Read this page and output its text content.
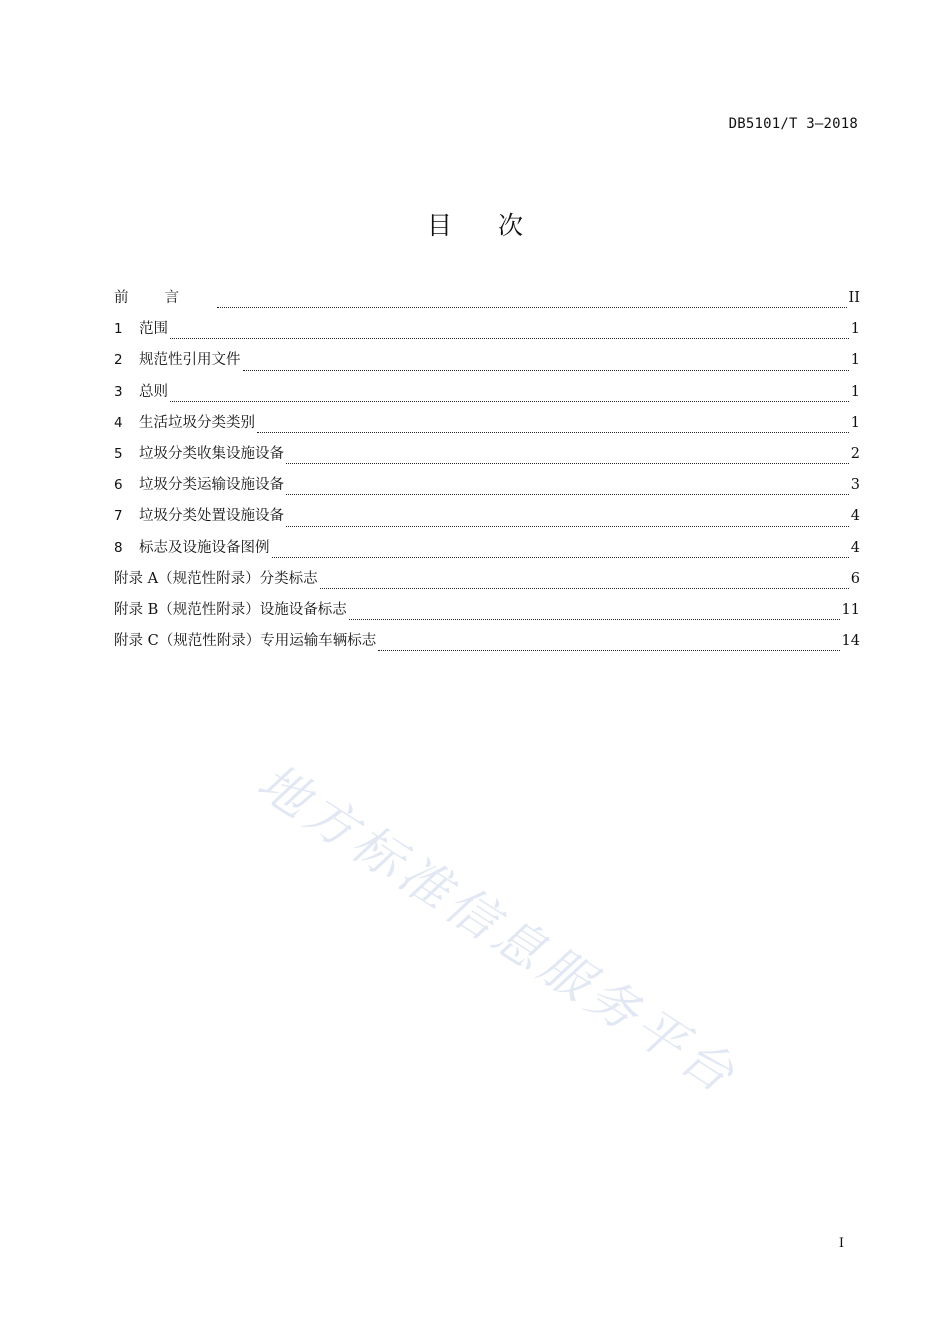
DB5101/T 3—2018
目次
前言	II
1	范围	1
2	规范性引用文件	1
3	总则	1
4	生活垃圾分类类别	1
5	垃圾分类收集设施设备	2
6	垃圾分类运输设施设备	3
7	垃圾分类处置设施设备	4
8	标志及设施设备图例	4
附录 A（规范性附录）分类标志	6
附录 B（规范性附录）设施设备标志	11
附录 C（规范性附录）专用运输车辆标志	14
地方标准信息服务平台
I
